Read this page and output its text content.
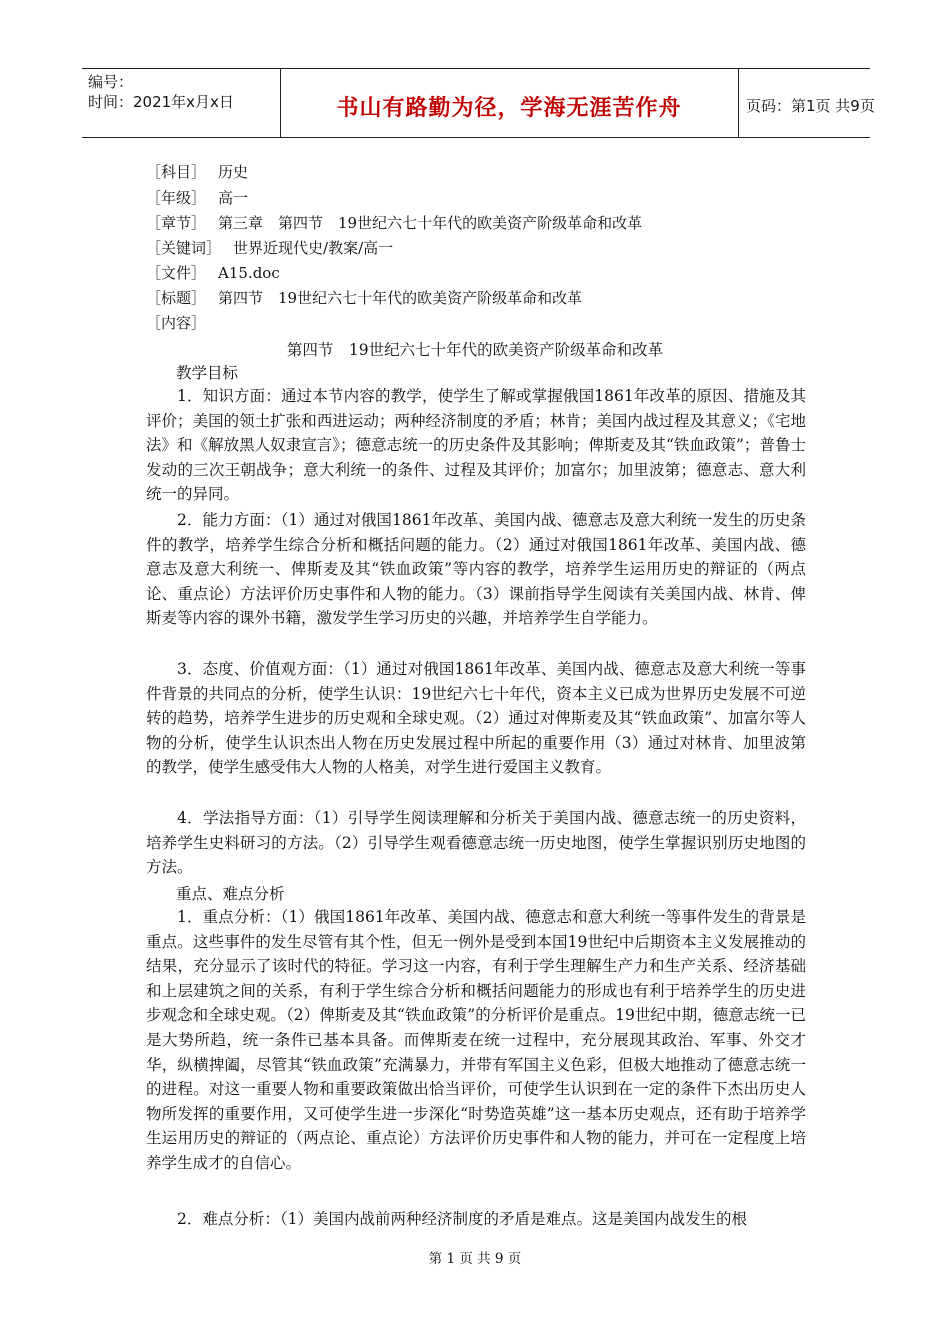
编号：
时间：2021年x月x日	书山有路勤为径，学海无涯苦作舟	页码：第1页 共9页
［科目］ 历史
［年级］ 高一
［章节］ 第三章　第四节　19世纪六七十年代的欧美资产阶级革命和改革
［关键词］ 世界近现代史/教案/高一
［文件］ A15.doc
［标题］ 第四节　19世纪六七十年代的欧美资产阶级革命和改革
［内容］
第四节　19世纪六七十年代的欧美资产阶级革命和改革
教学目标

1．知识方面：通过本节内容的教学，使学生了解或掌握俄国1861年改革的原因、措施及其评价；美国的领土扩张和西进运动；两种经济制度的矛盾；林肯；美国内战过程及其意义；《宅地法》和《解放黑人奴隶宣言》；德意志统一的历史条件及其影响；俾斯麦及其“铁血政策”；普鲁士发动的三次王朝战争；意大利统一的条件、过程及其评价；加富尔；加里波第；德意志、意大利统一的异同。

2．能力方面：（1）通过对俄国1861年改革、美国内战、德意志及意大利统一发生的历史条件的教学，培养学生综合分析和概括问题的能力。（2）通过对俄国1861年改革、美国内战、德意志及意大利统一、俾斯麦及其“铁血政策”等内容的教学，培养学生运用历史的辩证的（两点论、重点论）方法评价历史事件和人物的能力。（3）课前指导学生阅读有关美国内战、林肯、俾斯麦等内容的课外书籍，激发学生学习历史的兴趣，并培养学生自学能力。

3．态度、价值观方面：（1）通过对俄国1861年改革、美国内战、德意志及意大利统一等事件背景的共同点的分析，使学生认识：19世纪六七十年代，资本主义已成为世界历史发展不可逆转的趋势，培养学生进步的历史观和全球史观。（2）通过对俾斯麦及其“铁血政策”、加富尔等人物的分析，使学生认识杰出人物在历史发展过程中所起的重要作用（3）通过对林肯、加里波第的教学，使学生感受伟大人物的人格美，对学生进行爱国主义教育。

4．学法指导方面：（1）引导学生阅读理解和分析关于美国内战、德意志统一的历史资料，培养学生史料研习的方法。（2）引导学生观看德意志统一历史地图，使学生掌握识别历史地图的方法。

重点、难点分析

1．重点分析：（1）俄国1861年改革、美国内战、德意志和意大利统一等事件发生的背景是重点。这些事件的发生尽管有其个性，但无一例外是受到本国19世纪中后期资本主义发展推动的结果，充分显示了该时代的特征。学习这一内容，有利于学生理解生产力和生产关系、经济基础和上层建筑之间的关系，有利于学生综合分析和概括问题能力的形成也有利于培养学生的历史进步观念和全球史观。（2）俾斯麦及其“铁血政策”的分析评价是重点。19世纪中期，德意志统一已是大势所趋，统一条件已基本具备。而俾斯麦在统一过程中，充分展现其政治、军事、外交才华，纵横捭阖，尽管其“铁血政策”充满暴力，并带有军国主义色彩，但极大地推动了德意志统一的进程。对这一重要人物和重要政策做出恰当评价，可使学生认识到在一定的条件下杰出历史人物所发挥的重要作用，又可使学生进一步深化“时势造英雄”这一基本历史观点，还有助于培养学生运用历史的辩证的（两点论、重点论）方法评价历史事件和人物的能力，并可在一定程度上培养学生成才的自信心。

2．难点分析：（1）美国内战前两种经济制度的矛盾是难点。这是美国内战发生的根

第 1 页 共 9 页
